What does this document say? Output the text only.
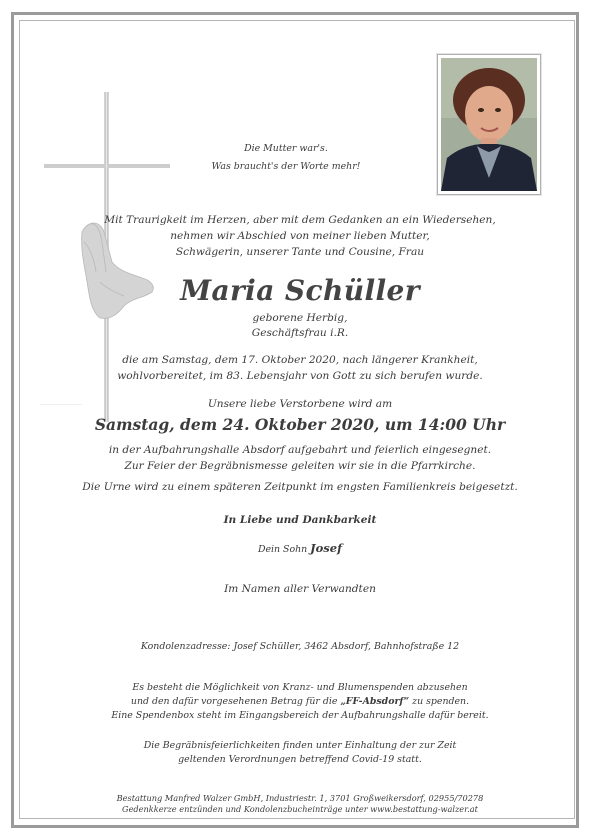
Die Mutter war's.
Was braucht's der Worte mehr!
Mit Traurigkeit im Herzen, aber mit dem Gedanken an ein Wiedersehen,
nehmen wir Abschied von meiner lieben Mutter,
Schwägerin, unserer Tante und Cousine, Frau
Maria Schüller
geborene Herbig,
Geschäftsfrau i.R.
die am Samstag, dem 17. Oktober 2020, nach längerer Krankheit,
wohlvorbereitet, im 83. Lebensjahr von Gott zu sich berufen wurde.
Unsere liebe Verstorbene wird am
Samstag, dem 24. Oktober 2020, um 14:00 Uhr
in der Aufbahrungshalle Absdorf aufgebahrt und feierlich eingesegnet.
Zur Feier der Begräbnismesse geleiten wir sie in die Pfarrkirche.
Die Urne wird zu einem späteren Zeitpunkt im engsten Familienkreis beigesetzt.
In Liebe und Dankbarkeit
Dein Sohn Josef
Im Namen aller Verwandten
Kondolenzadresse: Josef Schüller, 3462 Absdorf, Bahnhofstraße 12
Es besteht die Möglichkeit von Kranz- und Blumenspenden abzusehen
und den dafür vorgesehenen Betrag für die „FF-Absdorf“ zu spenden.
Eine Spendenbox steht im Eingangsbereich der Aufbahrungshalle dafür bereit.
Die Begräbnisfeierlichkeiten finden unter Einhaltung der zur Zeit
geltenden Verordnungen betreffend Covid-19 statt.
Bestattung Manfred Walzer GmbH, Industriestr. 1, 3701 Großweikersdorf, 02955/70278
Gedenkkerze entzünden und Kondolenzbucheinträge unter www.bestattung-walzer.at
